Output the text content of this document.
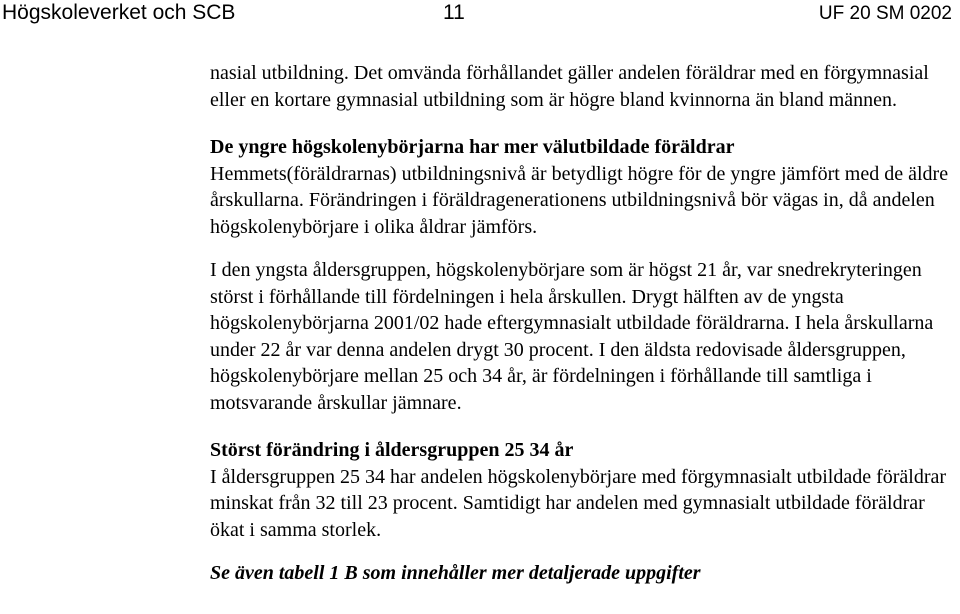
Högskoleverket och SCB	11	UF 20 SM 0202

nasial utbildning. Det omvända förhållandet gäller andelen föräldrar med en förgymnasial eller en kortare gymnasial utbildning som är högre bland kvinnorna än bland männen.

De yngre högskolenybörjarna har mer välutbildade föräldrar

Hemmets(föräldrarnas) utbildningsnivå är betydligt högre för de yngre jämfört med de äldre årskullarna. Förändringen i föräldragenerationens utbildningsnivå bör vägas in, då andelen högskolenybörjare i olika åldrar jämförs.

I den yngsta åldersgruppen, högskolenybörjare som är högst 21 år, var snedrekryteringen störst i förhållande till fördelningen i hela årskullen. Drygt hälften av de yngsta högskolenybörjarna 2001/02 hade eftergymnasialt utbildade föräldrarna. I hela årskullarna under 22 år var denna andelen drygt 30 procent. I den äldsta redovisade åldersgruppen, högskolenybörjare mellan 25 och 34 år, är fördelningen i förhållande till samtliga i motsvarande årskullar jämnare.

Störst förändring i åldersgruppen 25 34 år

I åldersgruppen 25 34 har andelen högskolenybörjare med förgymnasialt utbildade föräldrar minskat från 32 till 23 procent. Samtidigt har andelen med gymnasialt utbildade föräldrar ökat i samma storlek.

Se även tabell 1 B som innehåller mer detaljerade uppgifter
